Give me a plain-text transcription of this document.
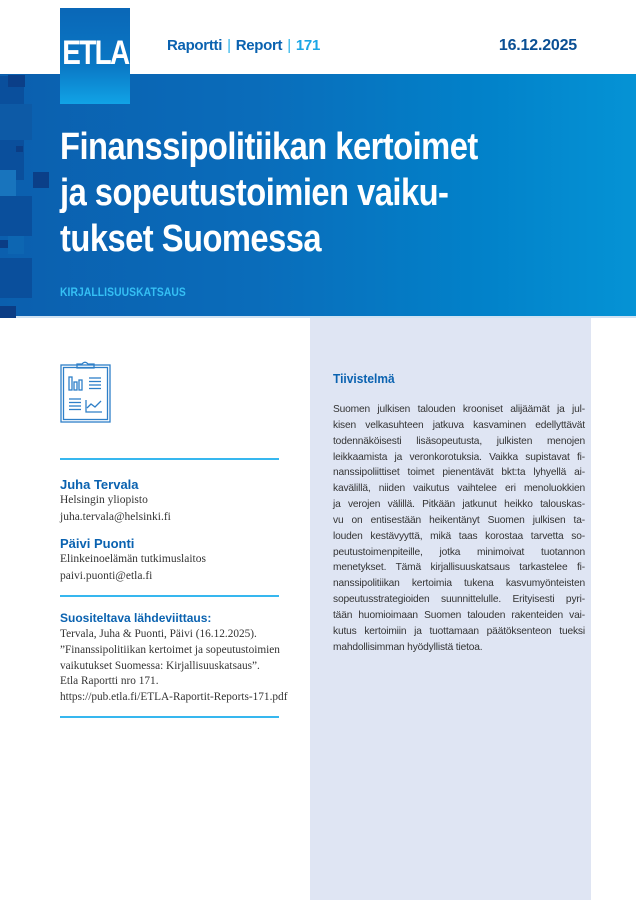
ETLA	Raportti | Report | 171	16.12.2025
Finanssipolitiikan kertoimet
ja sopeutustoimien vaiku-
tukset Suomessa
KIRJALLISUUSKATSAUS
Juha Tervala
Helsingin yliopisto
juha.tervala@helsinki.fi
Päivi Puonti
Elinkeinoelämän tutkimuslaitos
paivi.puonti@etla.fi
Suositeltava lähdeviittaus:
Tervala, Juha & Puonti, Päivi (16.12.2025).
”Finanssipolitiikan kertoimet ja sopeutustoimien
vaikutukset Suomessa: Kirjallisuuskatsaus”.
Etla Raportti nro 171.
https://pub.etla.fi/ETLA-Raportit-Reports-171.pdf
Tiivistelmä
Suomen julkisen talouden krooniset alijäämät ja jul-
kisen velkasuhteen jatkuva kasvaminen edellyttävät
todennäköisesti lisäsopeutusta, julkisten menojen
leikkaamista ja veronkorotuksia. Vaikka supistavat fi-
nanssipoliittiset toimet pienentävät bkt:ta lyhyellä ai-
kavälillä, niiden vaikutus vaihtelee eri menoluokkien
ja verojen välillä. Pitkään jatkunut heikko talouskas-
vu on entisestään heikentänyt Suomen julkisen ta-
louden kestävyyttä, mikä taas korostaa tarvetta so-
peutustoimenpiteille, jotka minimoivat tuotannon
menetykset. Tämä kirjallisuuskatsaus tarkastelee fi-
nanssipolitiikan kertoimia tukena kasvumyönteisten
sopeutusstrategioiden suunnittelulle. Erityisesti pyri-
tään huomioimaan Suomen talouden rakenteiden vai-
kutus kertoimiin ja tuottamaan päätöksenteon tueksi
mahdollisimman hyödyllistä tietoa.
